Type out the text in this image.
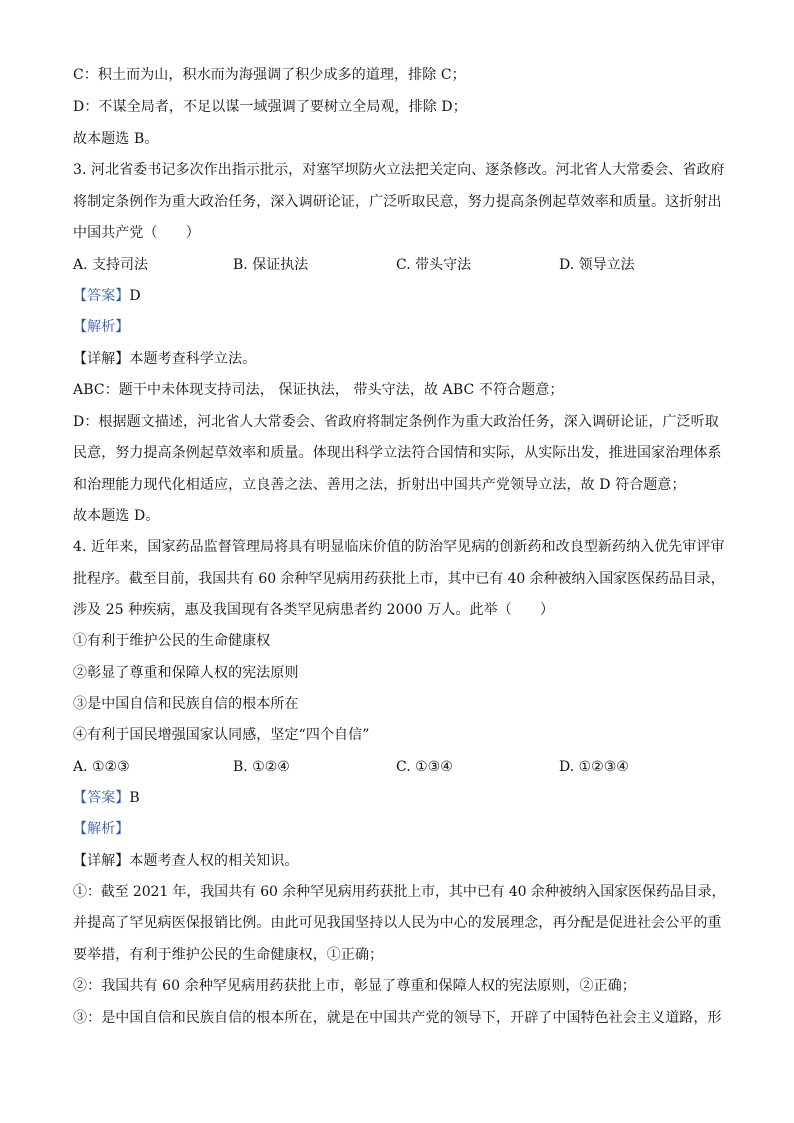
C：积土而为山，积水而为海强调了积少成多的道理，排除 C；
D：不谋全局者，不足以谋一域强调了要树立全局观，排除 D；
故本题选 B。
3. 河北省委书记多次作出指示批示，对塞罕坝防火立法把关定向、逐条修改。河北省人大常委会、省政府
将制定条例作为重大政治任务，深入调研论证，广泛听取民意，努力提高条例起草效率和质量。这折射出
中国共产党（　　）
A. 支持司法	B. 保证执法	C. 带头守法	D. 领导立法
【答案】D
【解析】
【详解】本题考查科学立法。
ABC：题干中未体现支持司法， 保证执法， 带头守法，故 ABC 不符合题意；
D：根据题文描述，河北省人大常委会、省政府将制定条例作为重大政治任务，深入调研论证，广泛听取
民意，努力提高条例起草效率和质量。体现出科学立法符合国情和实际，从实际出发，推进国家治理体系
和治理能力现代化相适应，立良善之法、善用之法，折射出中国共产党领导立法，故 D 符合题意；
故本题选 D。
4. 近年来，国家药品监督管理局将具有明显临床价值的防治罕见病的创新药和改良型新药纳入优先审评审
批程序。截至目前，我国共有 60 余种罕见病用药获批上市，其中已有 40 余种被纳入国家医保药品目录，
涉及 25 种疾病，惠及我国现有各类罕见病患者约 2000 万人。此举（　　）
①有利于维护公民的生命健康权
②彰显了尊重和保障人权的宪法原则
③是中国自信和民族自信的根本所在
④有利于国民增强国家认同感，坚定“四个自信”
A. ①②③	B. ①②④	C. ①③④	D. ①②③④
【答案】B
【解析】
【详解】本题考查人权的相关知识。
①：截至 2021 年，我国共有 60 余种罕见病用药获批上市，其中已有 40 余种被纳入国家医保药品目录，
并提高了罕见病医保报销比例。由此可见我国坚持以人民为中心的发展理念，再分配是促进社会公平的重
要举措，有利于维护公民的生命健康权，①正确；
②：我国共有 60 余种罕见病用药获批上市，彰显了尊重和保障人权的宪法原则，②正确；
③：是中国自信和民族自信的根本所在，就是在中国共产党的领导下，开辟了中国特色社会主义道路，形
